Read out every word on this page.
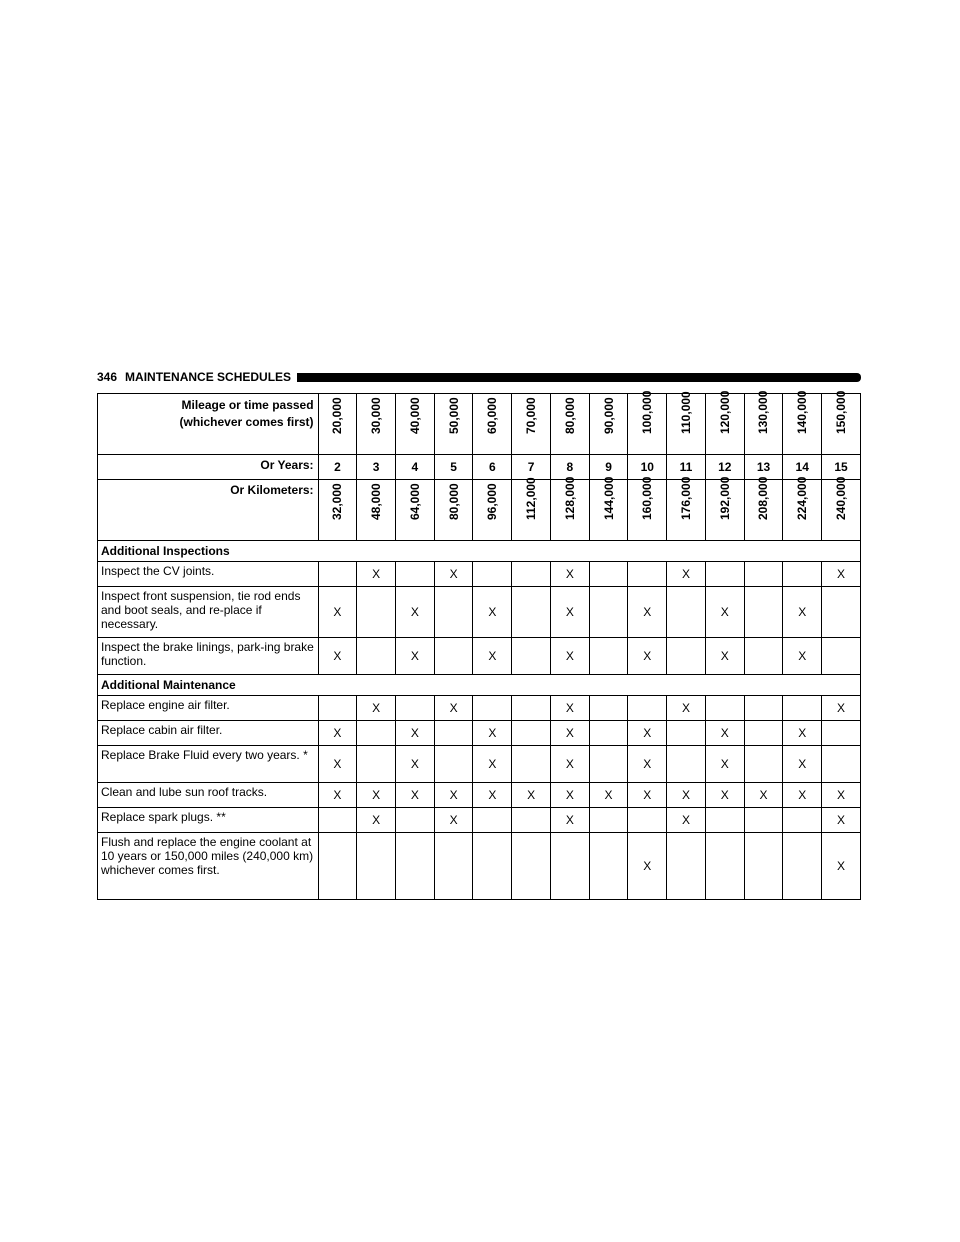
346 MAINTENANCE SCHEDULES
Mileage or time passed
(whichever comes first)	20,000	30,000	40,000	50,000	60,000	70,000	80,000	90,000	100,000	110,000	120,000	130,000	140,000	150,000

Or Years:	2	3	4	5	6	7	8	9	10	11	12	13	14	15
Or Kilometers:	32,000	48,000	64,000	80,000	96,000	112,000	128,000	144,000	160,000	176,000	192,000	208,000	224,000	240,000

Additional Inspections														
Inspect the CV joints.		X		X			X			X				X
Inspect front suspension, tie rod ends and boot seals, and re-place if necessary.	X		X		X		X		X		X		X	
Inspect the brake linings, park-ing brake function.	X		X		X		X		X		X		X	
Additional Maintenance														
Replace engine air filter.		X		X			X			X				X
Replace cabin air filter.	X		X		X		X		X		X		X	
Replace Brake Fluid every two years. *	X		X		X		X		X		X		X	
Clean and lube sun roof tracks.	X	X	X	X	X	X	X	X	X	X	X	X	X	X
Replace spark plugs. **		X		X			X			X				X
Flush and replace the engine coolant at 10 years or 150,000 miles (240,000 km) whichever comes first.									X					X
